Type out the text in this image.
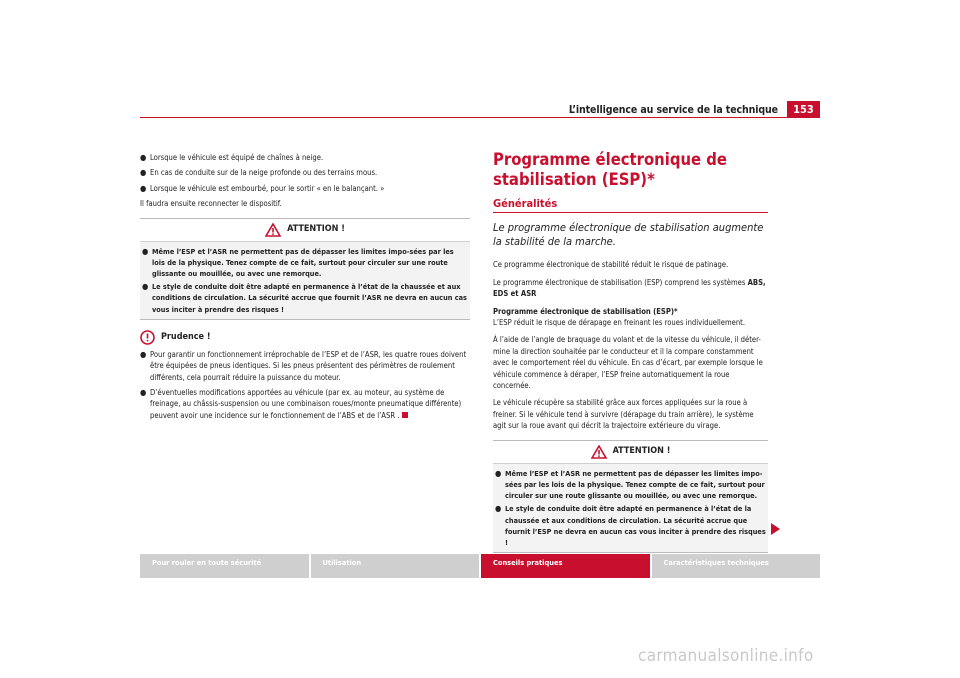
L’intelligence au service de la technique	153
● Lorsque le véhicule est équipé de chaînes à neige.
● En cas de conduite sur de la neige profonde ou des terrains mous.
● Lorsque le véhicule est embourbé, pour le sortir « en le balançant. »
Il faudra ensuite reconnecter le dispositif.
ATTENTION !
● Même l’ESP et l’ASR ne permettent pas de dépasser les limites impo-sées par les lois de la physique. Tenez compte de ce fait, surtout pour circuler sur une route glissante ou mouillée, ou avec une remorque.
● Le style de conduite doit être adapté en permanence à l’état de la chaussée et aux conditions de circulation. La sécurité accrue que fournit l’ASR ne devra en aucun cas vous inciter à prendre des risques !
Prudence !
● Pour garantir un fonctionnement irréprochable de l’ESP et de l’ASR, les quatre roues doivent être équipées de pneus identiques. Si les pneus présentent des périmètres de roulement différents, cela pourrait réduire la puissance du moteur.
● D’éventuelles modifications apportées au véhicule (par ex. au moteur, au système de freinage, au châssis-suspension ou une combinaison roues/monte pneumatique différente) peuvent avoir une incidence sur le fonctionnement de l’ABS et de l’ASR .
Programme électronique de stabilisation (ESP)*
Généralités
Le programme électronique de stabilisation augmente la stabilité de la marche.
Ce programme électronique de stabilité réduit le risque de patinage.
Le programme électronique de stabilisation (ESP) comprend les systèmes ABS, EDS et ASR
Programme électronique de stabilisation (ESP)*
L’ESP réduit le risque de dérapage en freinant les roues individuellement.
À l’aide de l’angle de braquage du volant et de la vitesse du véhicule, il déter-mine la direction souhaitée par le conducteur et il la compare constamment avec le comportement réel du véhicule. En cas d’écart, par exemple lorsque le véhicule commence à déraper, l’ESP freine automatiquement la roue concernée.
Le véhicule récupère sa stabilité grâce aux forces appliquées sur la roue à freiner. Si le véhicule tend à survivre (dérapage du train arrière), le système agit sur la roue avant qui décrit la trajectoire extérieure du virage.
ATTENTION !
● Même l’ESP et l’ASR ne permettent pas de dépasser les limites impo-sées par les lois de la physique. Tenez compte de ce fait, surtout pour circuler sur une route glissante ou mouillée, ou avec une remorque.
● Le style de conduite doit être adapté en permanence à l’état de la chaussée et aux conditions de circulation. La sécurité accrue que fournit l’ESP ne devra en aucun cas vous inciter à prendre des risques !
Pour rouler en toute sécurité	Utilisation	Conseils pratiques	Caractéristiques techniques
carmanualsonline.info
